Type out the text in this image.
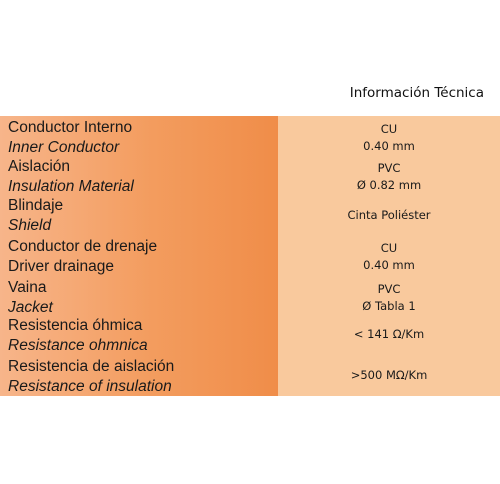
Información Técnica
Conductor Interno
Inner Conductor
CU
0.40 mm
Aislación
Insulation Material
PVC
Ø 0.82 mm
Blindaje
Shield
Cinta Poliéster
Conductor de drenaje
Driver drainage
CU
0.40 mm
Vaina
Jacket
PVC
Ø Tabla 1
Resistencia óhmica
Resistance ohmnica
< 141 Ω/Km
Resistencia de aislación
Resistance of insulation
>500 MΩ/Km
